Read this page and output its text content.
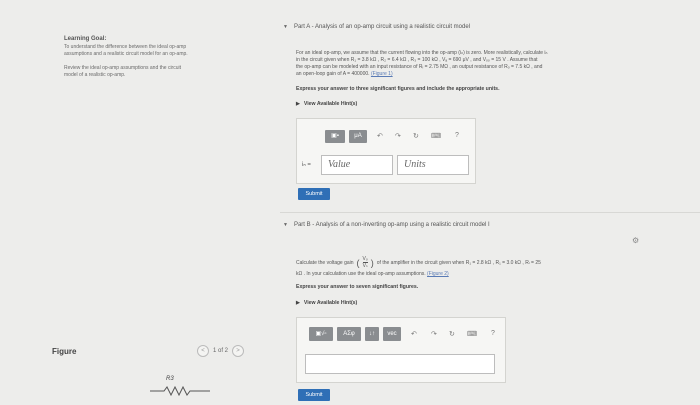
Learning Goal:
To understand the difference between the ideal op-amp
assumptions and a realistic circuit model for an op-amp.
Review the ideal op-amp assumptions and the circuit
model of a realistic op-amp.
Figure	<	1 of 2	>
R3
▼ Part A - Analysis of an op-amp circuit using a realistic circuit model
For an ideal op-amp, we assume that the current flowing into the op-amp (iₙ) is zero. More realistically, calculate iₙ
in the circuit given when R₁ = 3.8 kΩ , R₂ = 6.4 kΩ , R₃ = 100 kΩ , Vₐ = 690 μV , and Vₒₒ = 15 V . Assume that
the op-amp can be modeled with an input resistance of Rᵢ = 2.75 MΩ , an output resistance of Rₒ = 7.5 kΩ , and
an open-loop gain of A = 400000. (Figure 1)
Express your answer to three significant figures and include the appropriate units.
▶ View Available Hint(s)
▣▪	μA	↶ ↷ ↻ ⌨ ?
iₙ =	Value	Units
Submit
▼ Part B - Analysis of a non-inverting op-amp using a realistic circuit model I
⚙
Calculate the voltage gain ( $\frac{\text{Vₒ}}{\text{Vₛ}}$ ) of the amplifier in the circuit given when R₁ = 2.8 kΩ , R₁ = 3.0 kΩ , Rₗ = 25
kΩ . In your calculation use the ideal op-amp assumptions. (Figure 2)
Express your answer to seven significant figures.
▶ View Available Hint(s)
▣√▫	ΑΣφ	↓↑	vec	↶ ↷ ↻ ⌨ ?
Submit
